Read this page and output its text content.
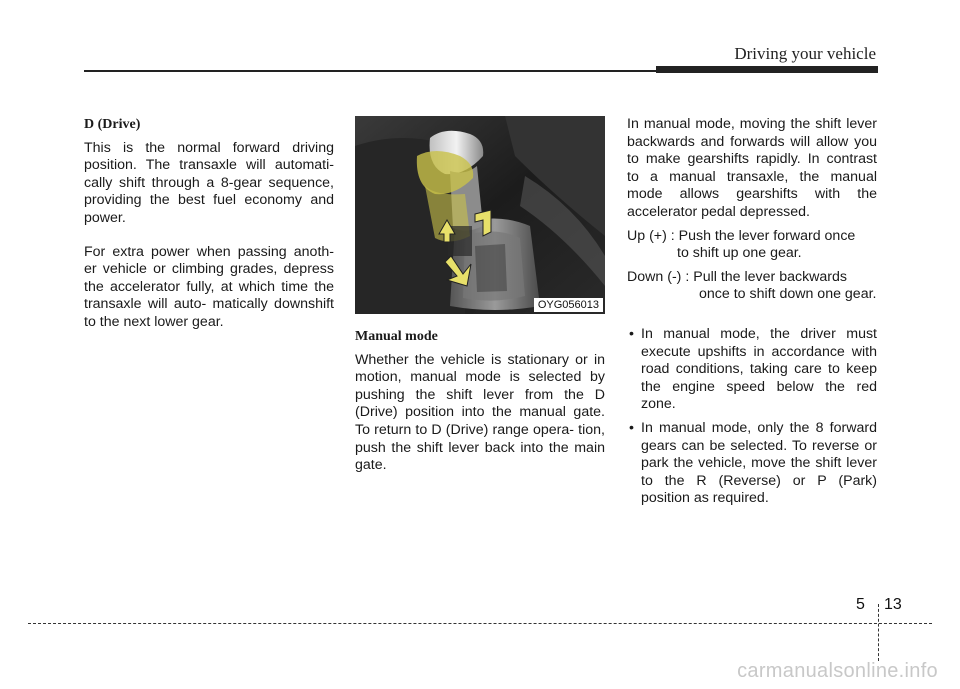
Driving your vehicle
D (Drive)

This is the normal forward driving position. The transaxle will automati- cally shift through a 8-gear sequence, providing the best fuel economy and power.

For extra power when passing anoth- er vehicle or climbing grades, depress the accelerator fully, at which time the transaxle will auto- matically downshift to the next lower gear.

OYG056013
Manual mode

Whether the vehicle is stationary or in motion, manual mode is selected by pushing the shift lever from the D (Drive) position into the manual gate. To return to D (Drive) range opera- tion, push the shift lever back into the main gate.

In manual mode, moving the shift lever backwards and forwards will allow you to make gearshifts rapidly. In contrast to a manual transaxle, the manual mode allows gearshifts with the accelerator pedal depressed.

Up (+) : Push the lever forward once
to shift up one gear.
Down (-) : Pull the lever backwards
once to shift down one gear.
• In manual mode, the driver must execute upshifts in accordance with road conditions, taking care to keep the engine speed below the red zone.
• In manual mode, only the 8 forward gears can be selected. To reverse or park the vehicle, move the shift lever to the R (Reverse) or P (Park) position as required.
5 13
carmanualsonline.info
